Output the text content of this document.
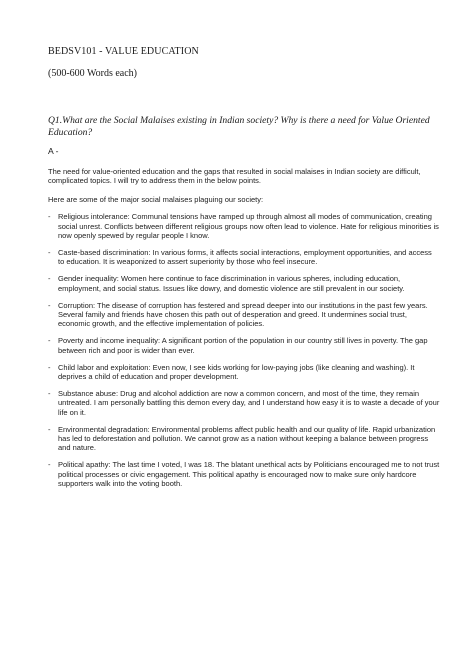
BEDSV101 - VALUE EDUCATION

(500-600 Words each)

Q1.What are the Social Malaises existing in Indian society? Why is there a need for Value Oriented Education?

A -

The need for value-oriented education and the gaps that resulted in social malaises in Indian society are difficult, complicated topics. I will try to address them in the below points.

Here are some of the major social malaises plaguing our society:

-	Religious intolerance: Communal tensions have ramped up through almost all modes of communication, creating social unrest. Conflicts between different religious groups now often lead to violence. Hate for religious minorities is now openly spewed by regular people I know.
-	Caste-based discrimination: In various forms, it affects social interactions, employment opportunities, and access to education. It is weaponized to assert superiority by those who feel insecure.
-	Gender inequality: Women here continue to face discrimination in various spheres, including education, employment, and social status. Issues like dowry, and domestic violence are still prevalent in our society.
-	Corruption: The disease of corruption has festered and spread deeper into our institutions in the past few years. Several family and friends have chosen this path out of desperation and greed. It undermines social trust, economic growth, and the effective implementation of policies.
-	Poverty and income inequality: A significant portion of the population in our country still lives in poverty. The gap between rich and poor is wider than ever.
-	Child labor and exploitation: Even now, I see kids working for low-paying jobs (like cleaning and washing). It deprives a child of education and proper development.
-	Substance abuse: Drug and alcohol addiction are now a common concern, and most of the time, they remain untreated. I am personally battling this demon every day, and I understand how easy it is to waste a decade of your life on it.
-	Environmental degradation: Environmental problems affect public health and our quality of life. Rapid urbanization has led to deforestation and pollution. We cannot grow as a nation without keeping a balance between progress and nature.
-	Political apathy: The last time I voted, I was 18. The blatant unethical acts by Politicians encouraged me to not trust political processes or civic engagement. This political apathy is encouraged now to make sure only hardcore supporters walk into the voting booth.
